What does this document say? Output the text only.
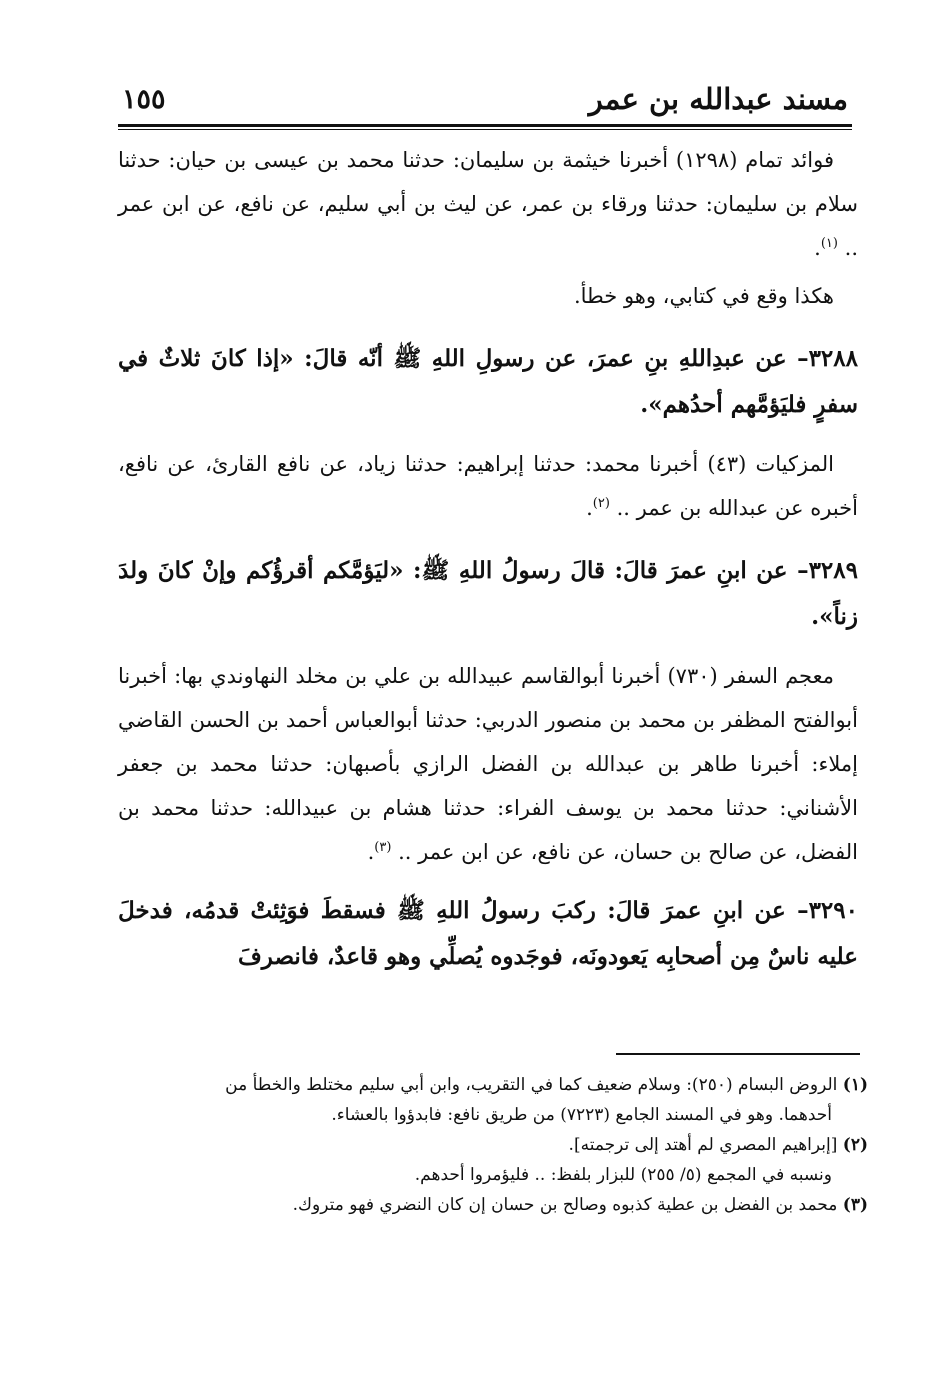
مسند عبدالله بن عمر
١٥٥

فوائد تمام (١٢٩٨) أخبرنا خيثمة بن سليمان: حدثنا محمد بن عيسى بن حيان: حدثنا سلام بن سليمان: حدثنا ورقاء بن عمر، عن ليث بن أبي سليم، عن نافع، عن ابن عمر .. $^{(١)}$.

هكذا وقع في كتابي، وهو خطأ.

٣٢٨٨– عن عبدِاللهِ بنِ عمرَ، عن رسولِ اللهِ ﷺ أنّه قالَ: «إذا كانَ ثلاثٌ في سفرٍ فليَؤمَّهم أحدُهم».

المزكيات (٤٣) أخبرنا محمد: حدثنا إبراهيم: حدثنا زياد، عن نافع القارئ، عن نافع، أخبره عن عبدالله بن عمر .. $^{(٢)}$.

٣٢٨٩– عن ابنِ عمرَ قالَ: قالَ رسولُ اللهِ ﷺ: «ليَؤمَّكم أقرؤُكم وإنْ كانَ ولدَ زناً».

معجم السفر (٧٣٠) أخبرنا أبوالقاسم عبيدالله بن علي بن مخلد النهاوندي بها: أخبرنا أبوالفتح المظفر بن محمد بن منصور الدربي: حدثنا أبوالعباس أحمد بن الحسن القاضي إملاء: أخبرنا طاهر بن عبدالله بن الفضل الرازي بأصبهان: حدثنا محمد بن جعفر الأشناني: حدثنا محمد بن يوسف الفراء: حدثنا هشام بن عبيدالله: حدثنا محمد بن الفضل، عن صالح بن حسان، عن نافع، عن ابن عمر .. $^{(٣)}$.

٣٢٩٠– عن ابنِ عمرَ قالَ: ركبَ رسولُ اللهِ ﷺ فسقطَ فوَثِئتْ قدمُه، فدخلَ عليه ناسٌ مِن أصحابِه يَعودونَه، فوجَدوه يُصلِّي وهو قاعدٌ، فانصرفَ

(١) الروض البسام (٢٥٠): وسلام ضعيف كما في التقريب، وابن أبي سليم مختلط والخطأ من

أحدهما. وهو في المسند الجامع (٧٢٢٣) من طريق نافع: فابدؤوا بالعشاء.

(٢) [إبراهيم المصري لم أهتد إلى ترجمته].

ونسبه في المجمع (٥/ ٢٥٥) للبزار بلفظ: .. فليؤمروا أحدهم.

(٣) محمد بن الفضل بن عطية كذبوه وصالح بن حسان إن كان النضري فهو متروك.
